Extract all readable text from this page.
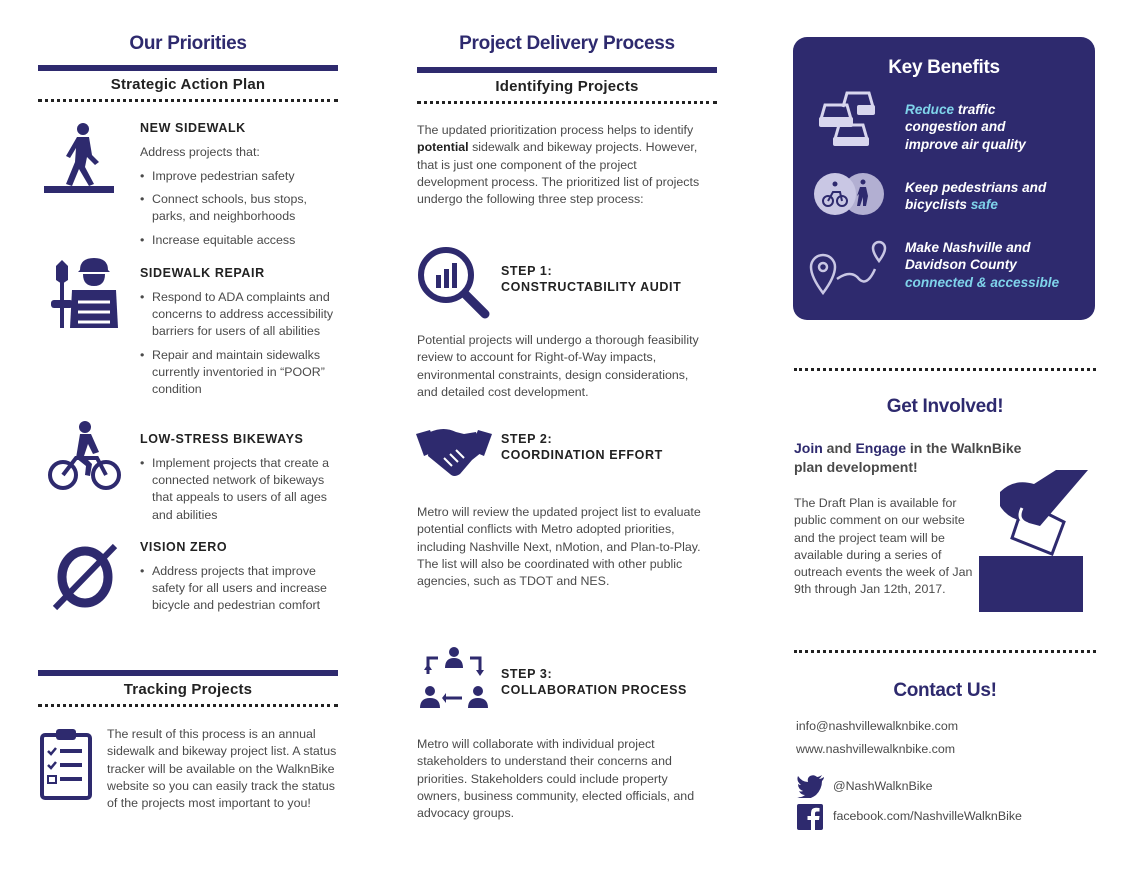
Our Priorities
Strategic Action Plan
NEW SIDEWALK
Address projects that:
• Improve pedestrian safety
• Connect schools, bus stops, parks, and neighborhoods
• Increase equitable access
SIDEWALK REPAIR
• Respond to ADA complaints and concerns to address accessibility barriers for users of all abilities
• Repair and maintain sidewalks currently inventoried in “POOR” condition
LOW-STRESS BIKEWAYS
• Implement projects that create a connected network of bikeways that appeals to users of all ages and abilities
VISION ZERO
• Address projects that improve safety for all users and increase bicycle and pedestrian comfort
Tracking Projects
The result of this process is an annual sidewalk and bikeway project list. A status tracker will be available on the WalknBike website so you can easily track the status of the projects most important to you!
Project Delivery Process
Identifying Projects
The updated prioritization process helps to identify potential sidewalk and bikeway projects. However, that is just one component of the project development process. The prioritized list of projects undergo the following three step process:
STEP 1:
CONSTRUCTABILITY AUDIT
Potential projects will undergo a thorough feasibility review to account for Right-of-Way impacts, environmental constraints, design considerations, and detailed cost development.
STEP 2:
COORDINATION EFFORT
Metro will review the updated project list to evaluate potential conflicts with Metro adopted priorities, including Nashville Next, nMotion, and Plan-to-Play. The list will also be coordinated with other public agencies, such as TDOT and NES.
STEP 3:
COLLABORATION PROCESS
Metro will collaborate with individual project stakeholders to understand their concerns and priorities. Stakeholders could include property owners, business community, elected officials, and advocacy groups.
Key Benefits
Reduce traffic
congestion and
improve air quality
Keep pedestrians and
bicyclists safe
Make Nashville and
Davidson County
connected & accessible
Get Involved!
Join and Engage in the WalknBike plan development!
The Draft Plan is available for public comment on our website and the project team will be available during a series of outreach events the week of Jan 9th through Jan 12th, 2017.
Contact Us!
info@nashvillewalknbike.com
www.nashvillewalknbike.com
@NashWalknBike
facebook.com/NashvilleWalknBike
